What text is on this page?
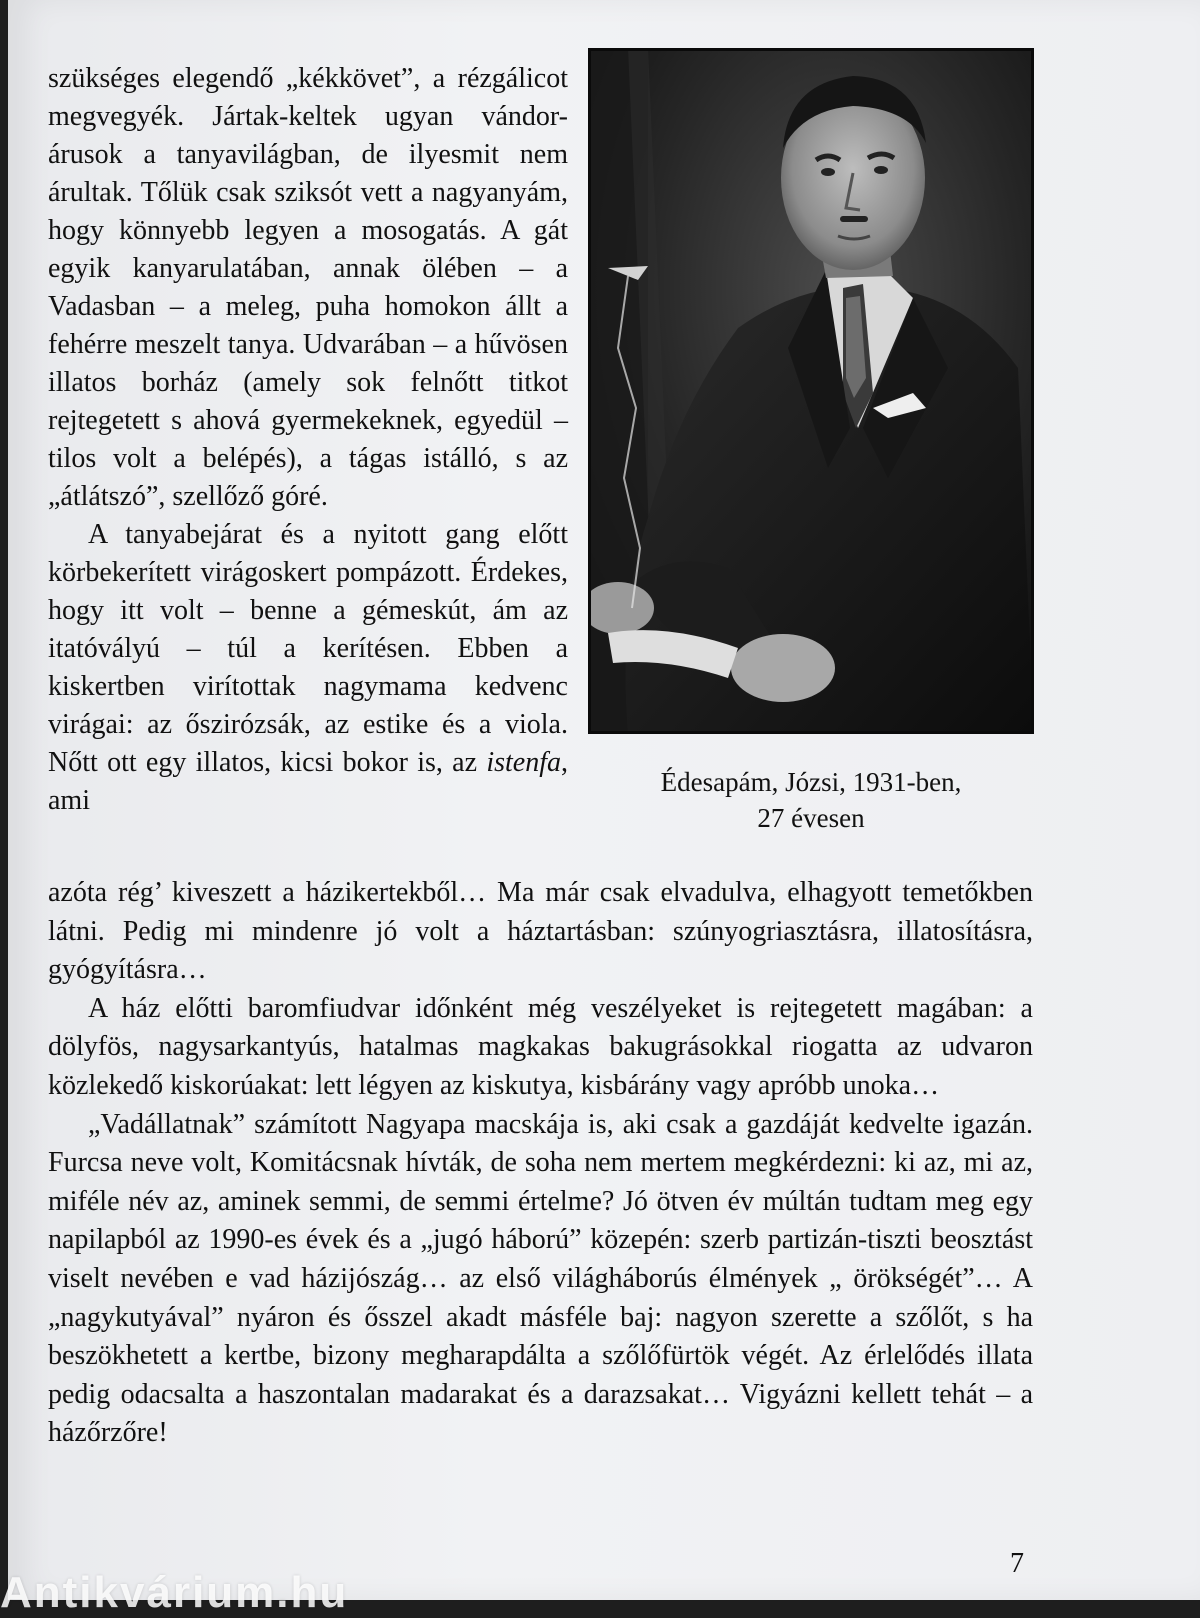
szükséges elegendő „kékkövet”, a rézgálicot megvegyék. Jártak-keltek ugyan vándor-árusok a tanyavilágban, de ilyesmit nem árultak. Tőlük csak sziksót vett a nagyanyám, hogy könnyebb legyen a mosogatás. A gát egyik kanyarulatában, annak ölében – a Vadasban – a meleg, puha homokon állt a fehérre meszelt tanya. Udvarában – a hűvösen illatos borház (amely sok felnőtt titkot rejtegetett s ahová gyermekeknek, egyedül – tilos volt a belépés), a tágas istálló, s az „átlátszó”, szellőző góré.

A tanyabejárat és a nyitott gang előtt körbekerített virágoskert pompázott. Érdekes, hogy itt volt – benne a gémeskút, ám az itatóvályú – túl a kerítésen. Ebben a kiskertben virítottak nagymama kedvenc virágai: az őszirózsák, az estike és a viola. Nőtt ott egy illatos, kicsi bokor is, az istenfa, ami

Édesapám, Józsi, 1931-ben,
27 évesen

azóta rég’ kiveszett a házikertekből… Ma már csak elvadulva, elhagyott temetőkben látni. Pedig mi mindenre jó volt a háztartásban: szúnyogriasztásra, illatosításra, gyógyításra…

A ház előtti baromfiudvar időnként még veszélyeket is rejtegetett magában: a dölyfös, nagysarkantyús, hatalmas magkakas bakugrásokkal riogatta az udvaron közlekedő kiskorúakat: lett légyen az kiskutya, kisbárány vagy apróbb unoka…

„Vadállatnak” számított Nagyapa macskája is, aki csak a gazdáját kedvelte igazán. Furcsa neve volt, Komitácsnak hívták, de soha nem mertem megkérdezni: ki az, mi az, miféle név az, aminek semmi, de semmi értelme? Jó ötven év múltán tudtam meg egy napilapból az 1990-es évek és a „jugó háború” közepén: szerb partizán-tiszti beosztást viselt nevében e vad házijószág… az első világháborús élmények „ örökségét”… A „nagykutyával” nyáron és ősszel akadt másféle baj: nagyon szerette a szőlőt, s ha beszökhetett a kertbe, bizony megharapdálta a szőlőfürtök végét. Az érlelődés illata pedig odacsalta a haszontalan madarakat és a darazsakat… Vigyázni kellett tehát – a házőrzőre!

7
Antikvárium.hu
